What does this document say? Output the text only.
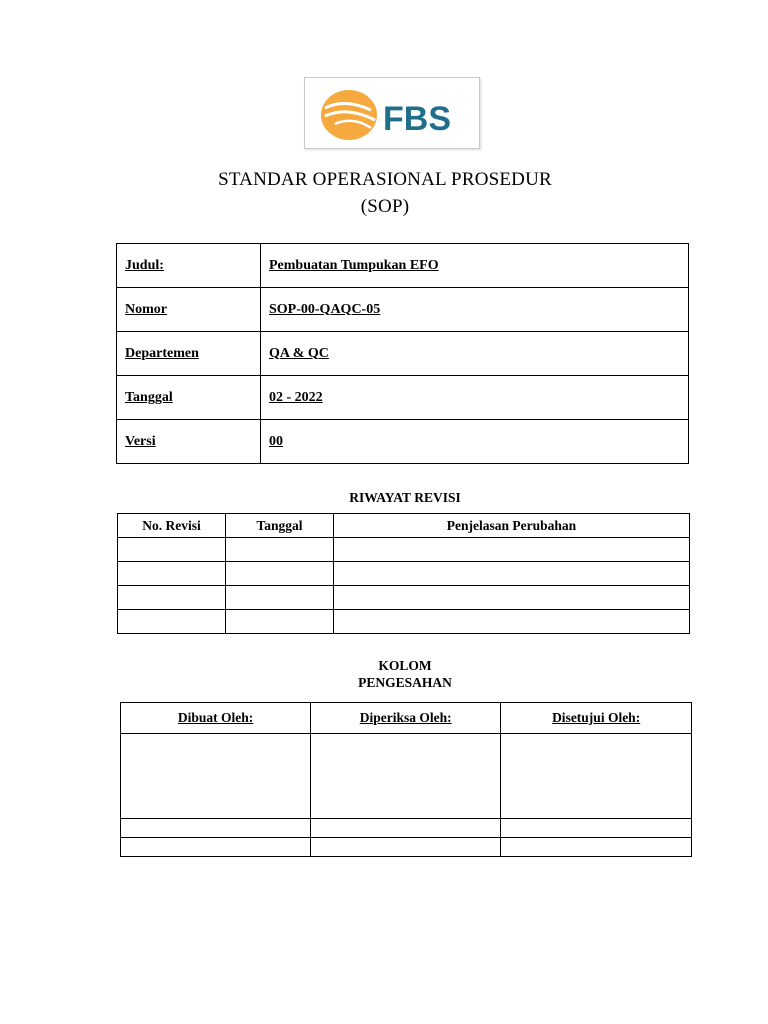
FBS
STANDAR OPERASIONAL PROSEDUR
(SOP)
Judul:	Pembuatan Tumpukan EFO
Nomor	SOP-00-QAQC-05
Departemen	QA & QC
Tanggal	02 - 2022
Versi	00
RIWAYAT REVISI
No. Revisi	Tanggal	Penjelasan Perubahan

KOLOM
PENGESAHAN
Dibuat Oleh:	Diperiksa Oleh:	Disetujui Oleh:
